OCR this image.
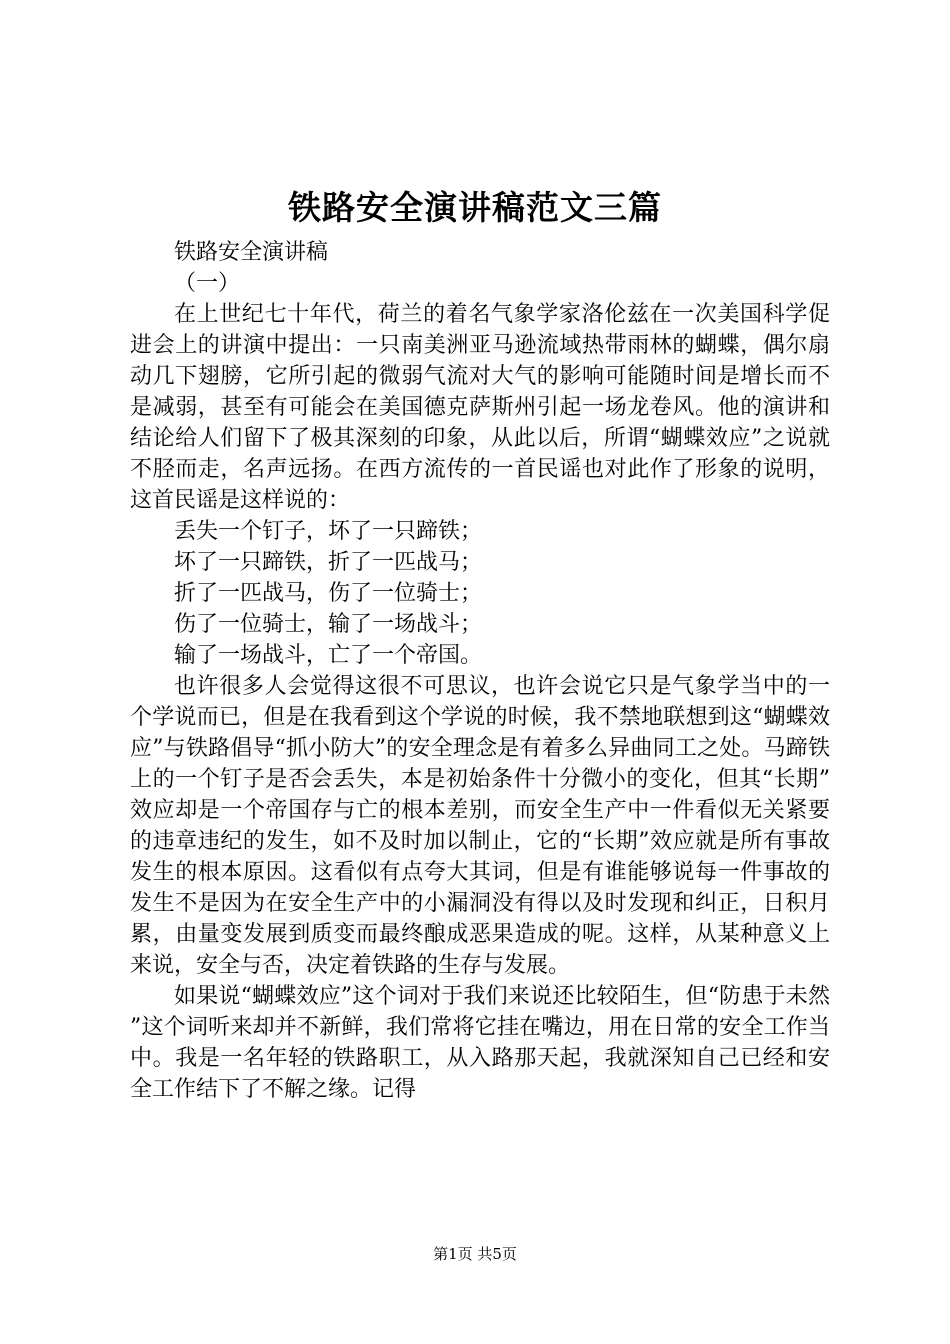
铁路安全演讲稿范文三篇

铁路安全演讲稿

（一）

在上世纪七十年代，荷兰的着名气象学家洛伦兹在一次美国科学促进会上的讲演中提出：一只南美洲亚马逊流域热带雨林的蝴蝶，偶尔扇动几下翅膀，它所引起的微弱气流对大气的影响可能随时间是增长而不是减弱，甚至有可能会在美国德克萨斯州引起一场龙卷风。他的演讲和结论给人们留下了极其深刻的印象，从此以后，所谓“蝴蝶效应”之说就不胫而走，名声远扬。在西方流传的一首民谣也对此作了形象的说明，这首民谣是这样说的：

丢失一个钉子，坏了一只蹄铁；

坏了一只蹄铁，折了一匹战马；

折了一匹战马，伤了一位骑士；

伤了一位骑士，输了一场战斗；

输了一场战斗，亡了一个帝国。

也许很多人会觉得这很不可思议，也许会说它只是气象学当中的一个学说而已，但是在我看到这个学说的时候，我不禁地联想到这“蝴蝶效应”与铁路倡导“抓小防大”的安全理念是有着多么异曲同工之处。马蹄铁上的一个钉子是否会丢失，本是初始条件十分微小的变化，但其“长期”效应却是一个帝国存与亡的根本差别，而安全生产中一件看似无关紧要的违章违纪的发生，如不及时加以制止，它的“长期”效应就是所有事故发生的根本原因。这看似有点夸大其词，但是有谁能够说每一件事故的发生不是因为在安全生产中的小漏洞没有得以及时发现和纠正，日积月累，由量变发展到质变而最终酿成恶果造成的呢。这样，从某种意义上来说，安全与否，决定着铁路的生存与发展。

如果说“蝴蝶效应”这个词对于我们来说还比较陌生，但“防患于未然”这个词听来却并不新鲜，我们常将它挂在嘴边，用在日常的安全工作当中。我是一名年轻的铁路职工，从入路那天起，我就深知自己已经和安全工作结下了不解之缘。记得

第1页 共5页
